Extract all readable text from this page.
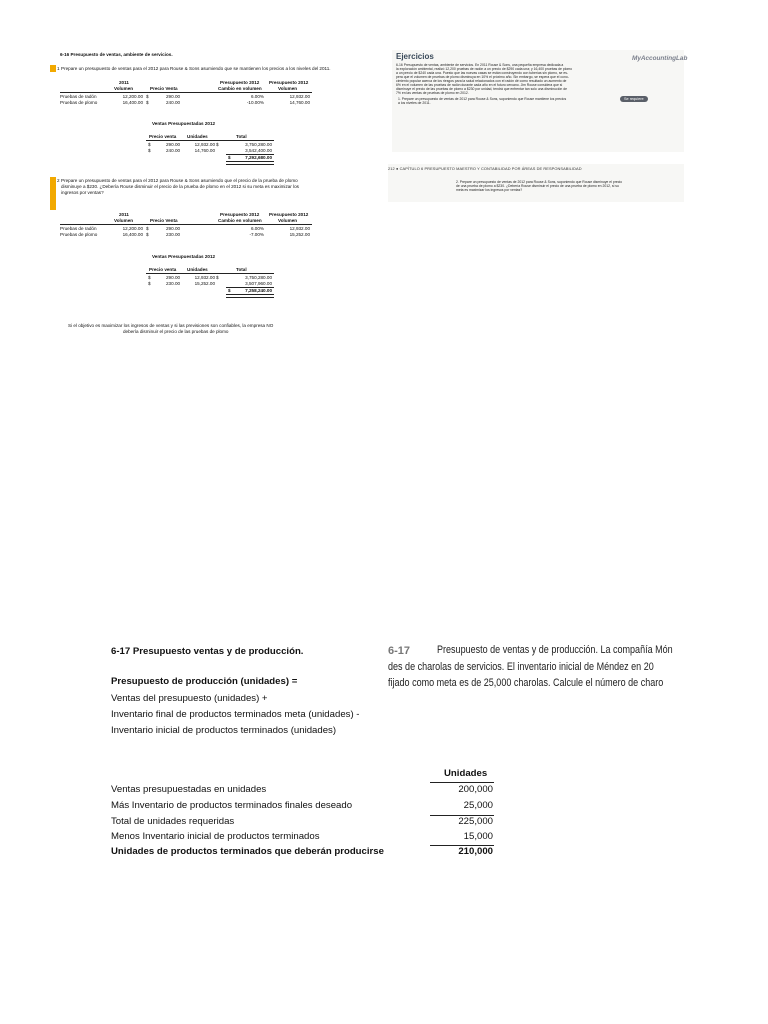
6-16 Presupuesto de ventas, ambiente de servicios.
1 Prepare un presupuesto de ventas para el 2012 para Rouse & Sons asumiendo que se mantienen los precios a los niveles del 2011.
2011	Presupuesto 2012 Presupuesto 2012
Volumen	Precio Venta	Cambio en volumen	Volumen
Pruebas de radón	12,200.00 $	290.00	6.00%	12,932.00
Pruebas de plomo	16,400.00 $	240.00	-10.00%	14,760.00
Ventas Presupuestadas 2012
Precio venta Unidades	Total
$	290.00	12,932.00 $	3,750,280.00
$	240.00	14,760.00	3,542,400.00
$	7,292,680.00
2 Prepare un presupuesto de ventas para el 2012 para Rouse & Sons asumiendo que el precio de la prueba de plomo
disminuye a $230. ¿Debería Rouse disminuir el precio de la prueba de plomo en el 2012 si su meta es maximizar los
ingresos por ventas?
2011	Presupuesto 2012 Presupuesto 2012
Volumen	Precio Venta	Cambio en volumen	Volumen
Pruebas de radón	12,200.00 $	290.00	6.00%	12,932.00
Pruebas de plomo	16,400.00 $	230.00	-7.00%	15,252.00
Ventas Presupuestadas 2012
Precio venta Unidades	Total
$	290.00	12,932.00 $	3,750,280.00
$	230.00	15,252.00	3,507,960.00
$	7,258,240.00
Si el objetivo es maximizar los ingresos de ventas y si las previsiones son confiables, la empresa NO
debería disminuir el precio de las pruebas de plomo
Ejercicios	MyAccountingLab
6-16 Presupuesto de ventas, ambiente de servicios. En 2011 Rouse & Sons, una pequeña empresa dedicada a
la exploración ambiental, realizó 12,200 pruebas de radón a un precio de $290 cada una; y 16,400 pruebas de plomo
a un precio de $240 cada una. Puesto que las nuevas casas se están construyendo con tuberías sin plomo, se es-
pera que el volumen de pruebas de plomo disminuya en 10% el próximo año. Sin embargo, se espera que el cono-
cimiento popular acerca de los riesgos para la salud relacionados con el radón dé como resultado un aumento de
6% en el volumen de las pruebas de radón durante cada año en el futuro cercano. Jim Rouse considera que si
disminuye el precio de las pruebas de plomo a $230 por unidad, tendrá que enfrentar tan solo una disminución de
7% en las ventas de pruebas de plomo en 2012.
1. Prepare un presupuesto de ventas de 2012 para Rouse & Sons, suponiendo que Rouse mantiene los precios
a los niveles de 2011.
Se requiere
212 ● CAPÍTULO 6 PRESUPUESTO MAESTRO Y CONTABILIDAD POR ÁREAS DE RESPONSABILIDAD
2. Prepare un presupuesto de ventas de 2012 para Rouse & Sons, suponiendo que Rouse disminuye el precio
de una prueba de plomo a $230. ¿Debería Rouse disminuir el precio de una prueba de plomo en 2012, si su
meta es maximizar los ingresos por ventas?
6-17 Presupuesto ventas y de producción.
Presupuesto de producción (unidades) =
Ventas del presupuesto (unidades) +
Inventario final de productos terminados meta (unidades) -
Inventario inicial de productos terminados (unidades)
6-17 Presupuesto de ventas y de producción. La compañía Món
des de charolas de servicios. El inventario inicial de Méndez en 20
fijado como meta es de 25,000 charolas. Calcule el número de charo
Unidades
Ventas presupuestadas en unidades	200,000
Más Inventario de productos terminados finales deseado	25,000
Total de unidades requeridas	225,000
Menos Inventario inicial de productos terminados	15,000
Unidades de productos terminados que deberán producirse	210,000
